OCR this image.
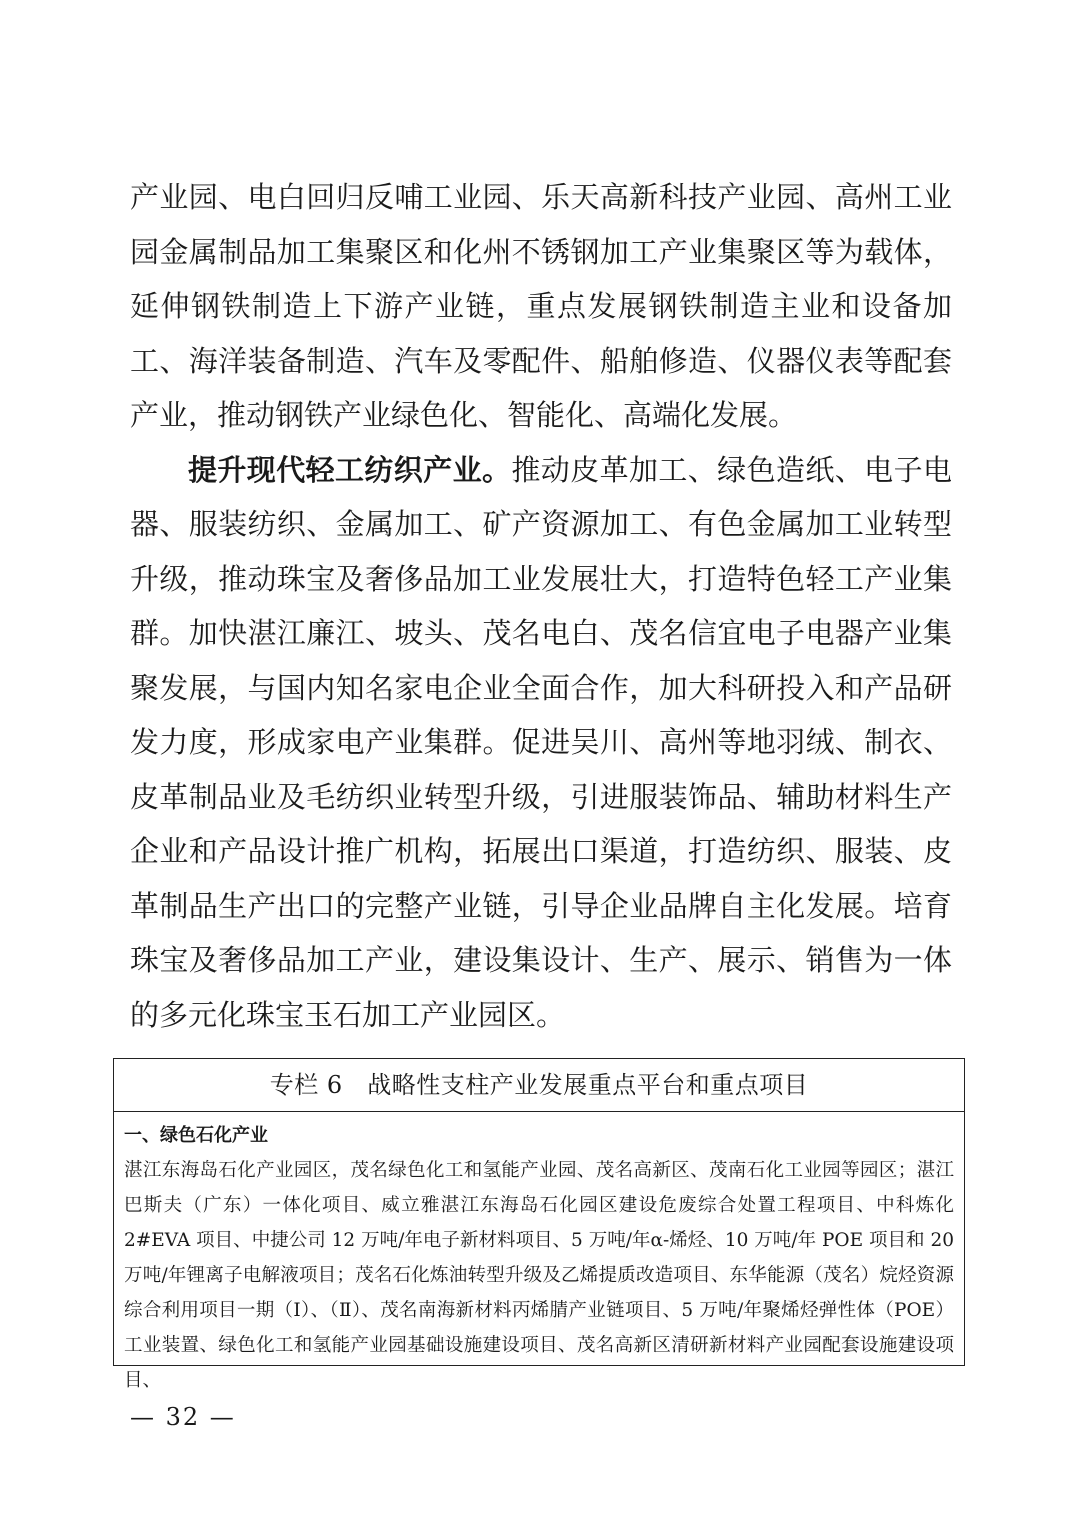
产业园、电白回归反哺工业园、乐天高新科技产业园、高州工业园金属制品加工集聚区和化州不锈钢加工产业集聚区等为载体，延伸钢铁制造上下游产业链，重点发展钢铁制造主业和设备加工、海洋装备制造、汽车及零配件、船舶修造、仪器仪表等配套产业，推动钢铁产业绿色化、智能化、高端化发展。

提升现代轻工纺织产业。推动皮革加工、绿色造纸、电子电器、服装纺织、金属加工、矿产资源加工、有色金属加工业转型升级，推动珠宝及奢侈品加工业发展壮大，打造特色轻工产业集群。加快湛江廉江、坡头、茂名电白、茂名信宜电子电器产业集聚发展，与国内知名家电企业全面合作，加大科研投入和产品研发力度，形成家电产业集群。促进吴川、高州等地羽绒、制衣、皮革制品业及毛纺织业转型升级，引进服装饰品、辅助材料生产企业和产品设计推广机构，拓展出口渠道，打造纺织、服装、皮革制品生产出口的完整产业链，引导企业品牌自主化发展。培育珠宝及奢侈品加工产业，建设集设计、生产、展示、销售为一体的多元化珠宝玉石加工产业园区。

专栏 6　战略性支柱产业发展重点平台和重点项目
一、绿色石化产业
湛江东海岛石化产业园区，茂名绿色化工和氢能产业园、茂名高新区、茂南石化工业园等园区；湛江巴斯夫（广东）一体化项目、威立雅湛江东海岛石化园区建设危废综合处置工程项目、中科炼化 2#EVA 项目、中捷公司 12 万吨/年电子新材料项目、5 万吨/年α-烯烃、10 万吨/年 POE 项目和 20 万吨/年锂离子电解液项目；茂名石化炼油转型升级及乙烯提质改造项目、东华能源（茂名）烷烃资源综合利用项目一期（Ⅰ）、（Ⅱ）、茂名南海新材料丙烯腈产业链项目、5 万吨/年聚烯烃弹性体（POE）工业装置、绿色化工和氢能产业园基础设施建设项目、茂名高新区清研新材料产业园配套设施建设项目、
— 32 —
